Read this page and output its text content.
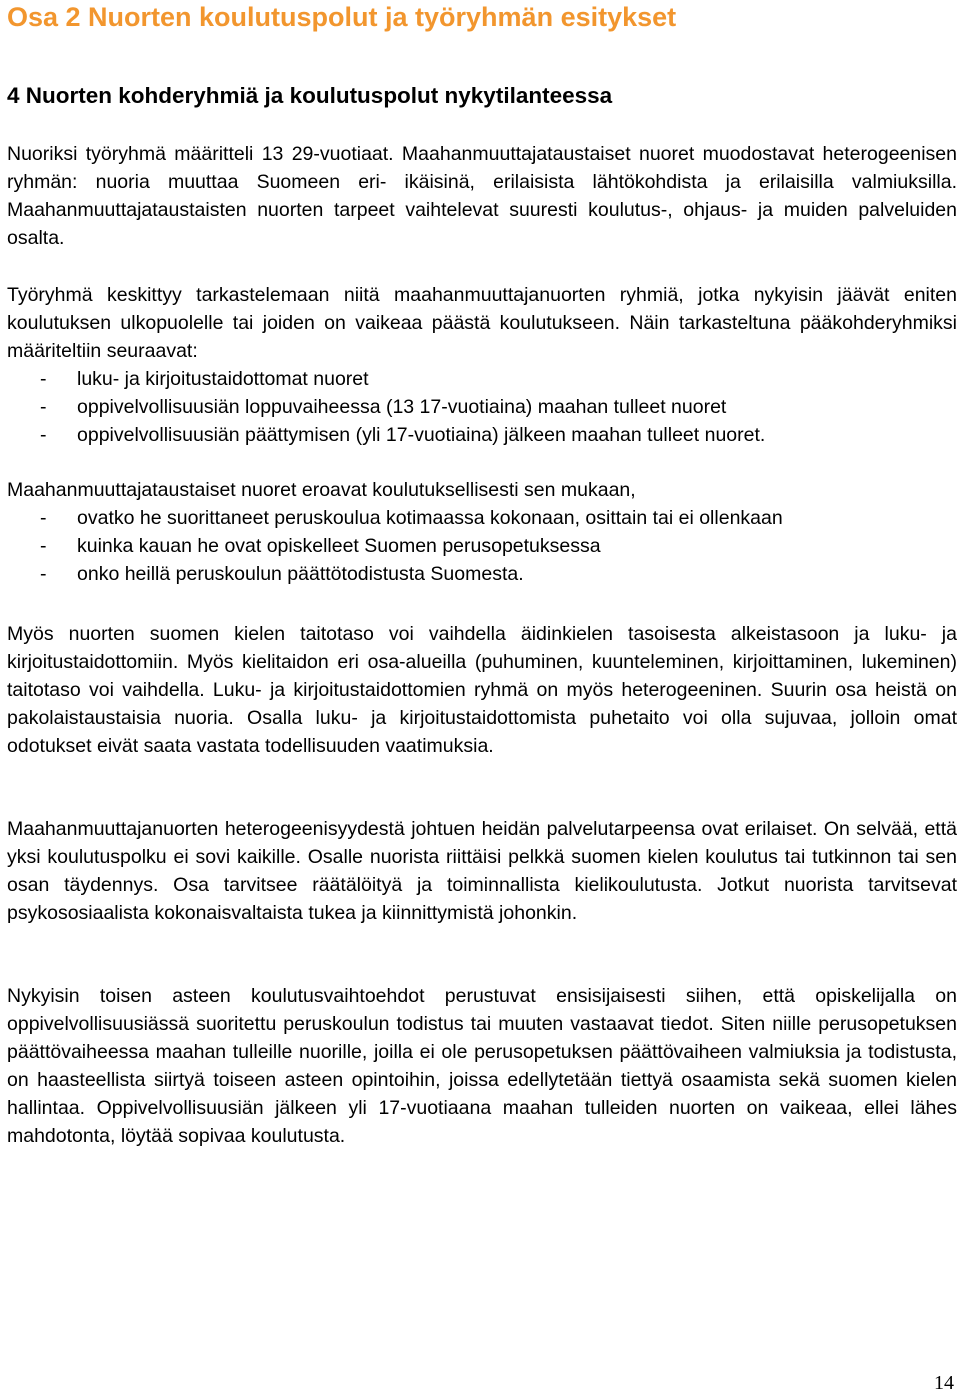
Osa 2 Nuorten koulutuspolut ja työryhmän esitykset
4 Nuorten kohderyhmiä ja koulutuspolut nykytilanteessa

Nuoriksi työryhmä määritteli 13 29-vuotiaat. Maahanmuuttajataustaiset nuoret muodostavat heterogeenisen ryhmän: nuoria muuttaa Suomeen eri- ikäisinä, erilaisista lähtökohdista ja erilaisilla valmiuksilla. Maahanmuuttajataustaisten nuorten tarpeet vaihtelevat suuresti koulutus-, ohjaus- ja muiden palveluiden osalta.

Työryhmä keskittyy tarkastelemaan niitä maahanmuuttajanuorten ryhmiä, jotka nykyisin jäävät eniten koulutuksen ulkopuolelle tai joiden on vaikeaa päästä koulutukseen. Näin tarkasteltuna pääkohderyhmiksi määriteltiin seuraavat:

- luku- ja kirjoitustaidottomat nuoret
- oppivelvollisuusiän loppuvaiheessa (13 17-vuotiaina) maahan tulleet nuoret
- oppivelvollisuusiän päättymisen (yli 17-vuotiaina) jälkeen maahan tulleet nuoret.

Maahanmuuttajataustaiset nuoret eroavat koulutuksellisesti sen mukaan,

- ovatko he suorittaneet peruskoulua kotimaassa kokonaan, osittain tai ei ollenkaan
- kuinka kauan he ovat opiskelleet Suomen perusopetuksessa
- onko heillä peruskoulun päättötodistusta Suomesta.

Myös nuorten suomen kielen taitotaso voi vaihdella äidinkielen tasoisesta alkeistasoon ja luku- ja kirjoitustaidottomiin. Myös kielitaidon eri osa-alueilla (puhuminen, kuunteleminen, kirjoittaminen, lukeminen) taitotaso voi vaihdella. Luku- ja kirjoitustaidottomien ryhmä on myös heterogeeninen. Suurin osa heistä on pakolaistaustaisia nuoria. Osalla luku- ja kirjoitustaidottomista puhetaito voi olla sujuvaa, jolloin omat odotukset eivät saata vastata todellisuuden vaatimuksia.

Maahanmuuttajanuorten heterogeenisyydestä johtuen heidän palvelutarpeensa ovat erilaiset. On selvää, että yksi koulutuspolku ei sovi kaikille. Osalle nuorista riittäisi pelkkä suomen kielen koulutus tai tutkinnon tai sen osan täydennys. Osa tarvitsee räätälöityä ja toiminnallista kielikoulutusta. Jotkut nuorista tarvitsevat psykososiaalista kokonaisvaltaista tukea ja kiinnittymistä johonkin.

Nykyisin toisen asteen koulutusvaihtoehdot perustuvat ensisijaisesti siihen, että opiskelijalla on oppivelvollisuusiässä suoritettu peruskoulun todistus tai muuten vastaavat tiedot. Siten niille perusopetuksen päättövaiheessa maahan tulleille nuorille, joilla ei ole perusopetuksen päättövaiheen valmiuksia ja todistusta, on haasteellista siirtyä toiseen asteen opintoihin, joissa edellytetään tiettyä osaamista sekä suomen kielen hallintaa. Oppivelvollisuusiän jälkeen yli 17-vuotiaana maahan tulleiden nuorten on vaikeaa, ellei lähes mahdotonta, löytää sopivaa koulutusta.

14
